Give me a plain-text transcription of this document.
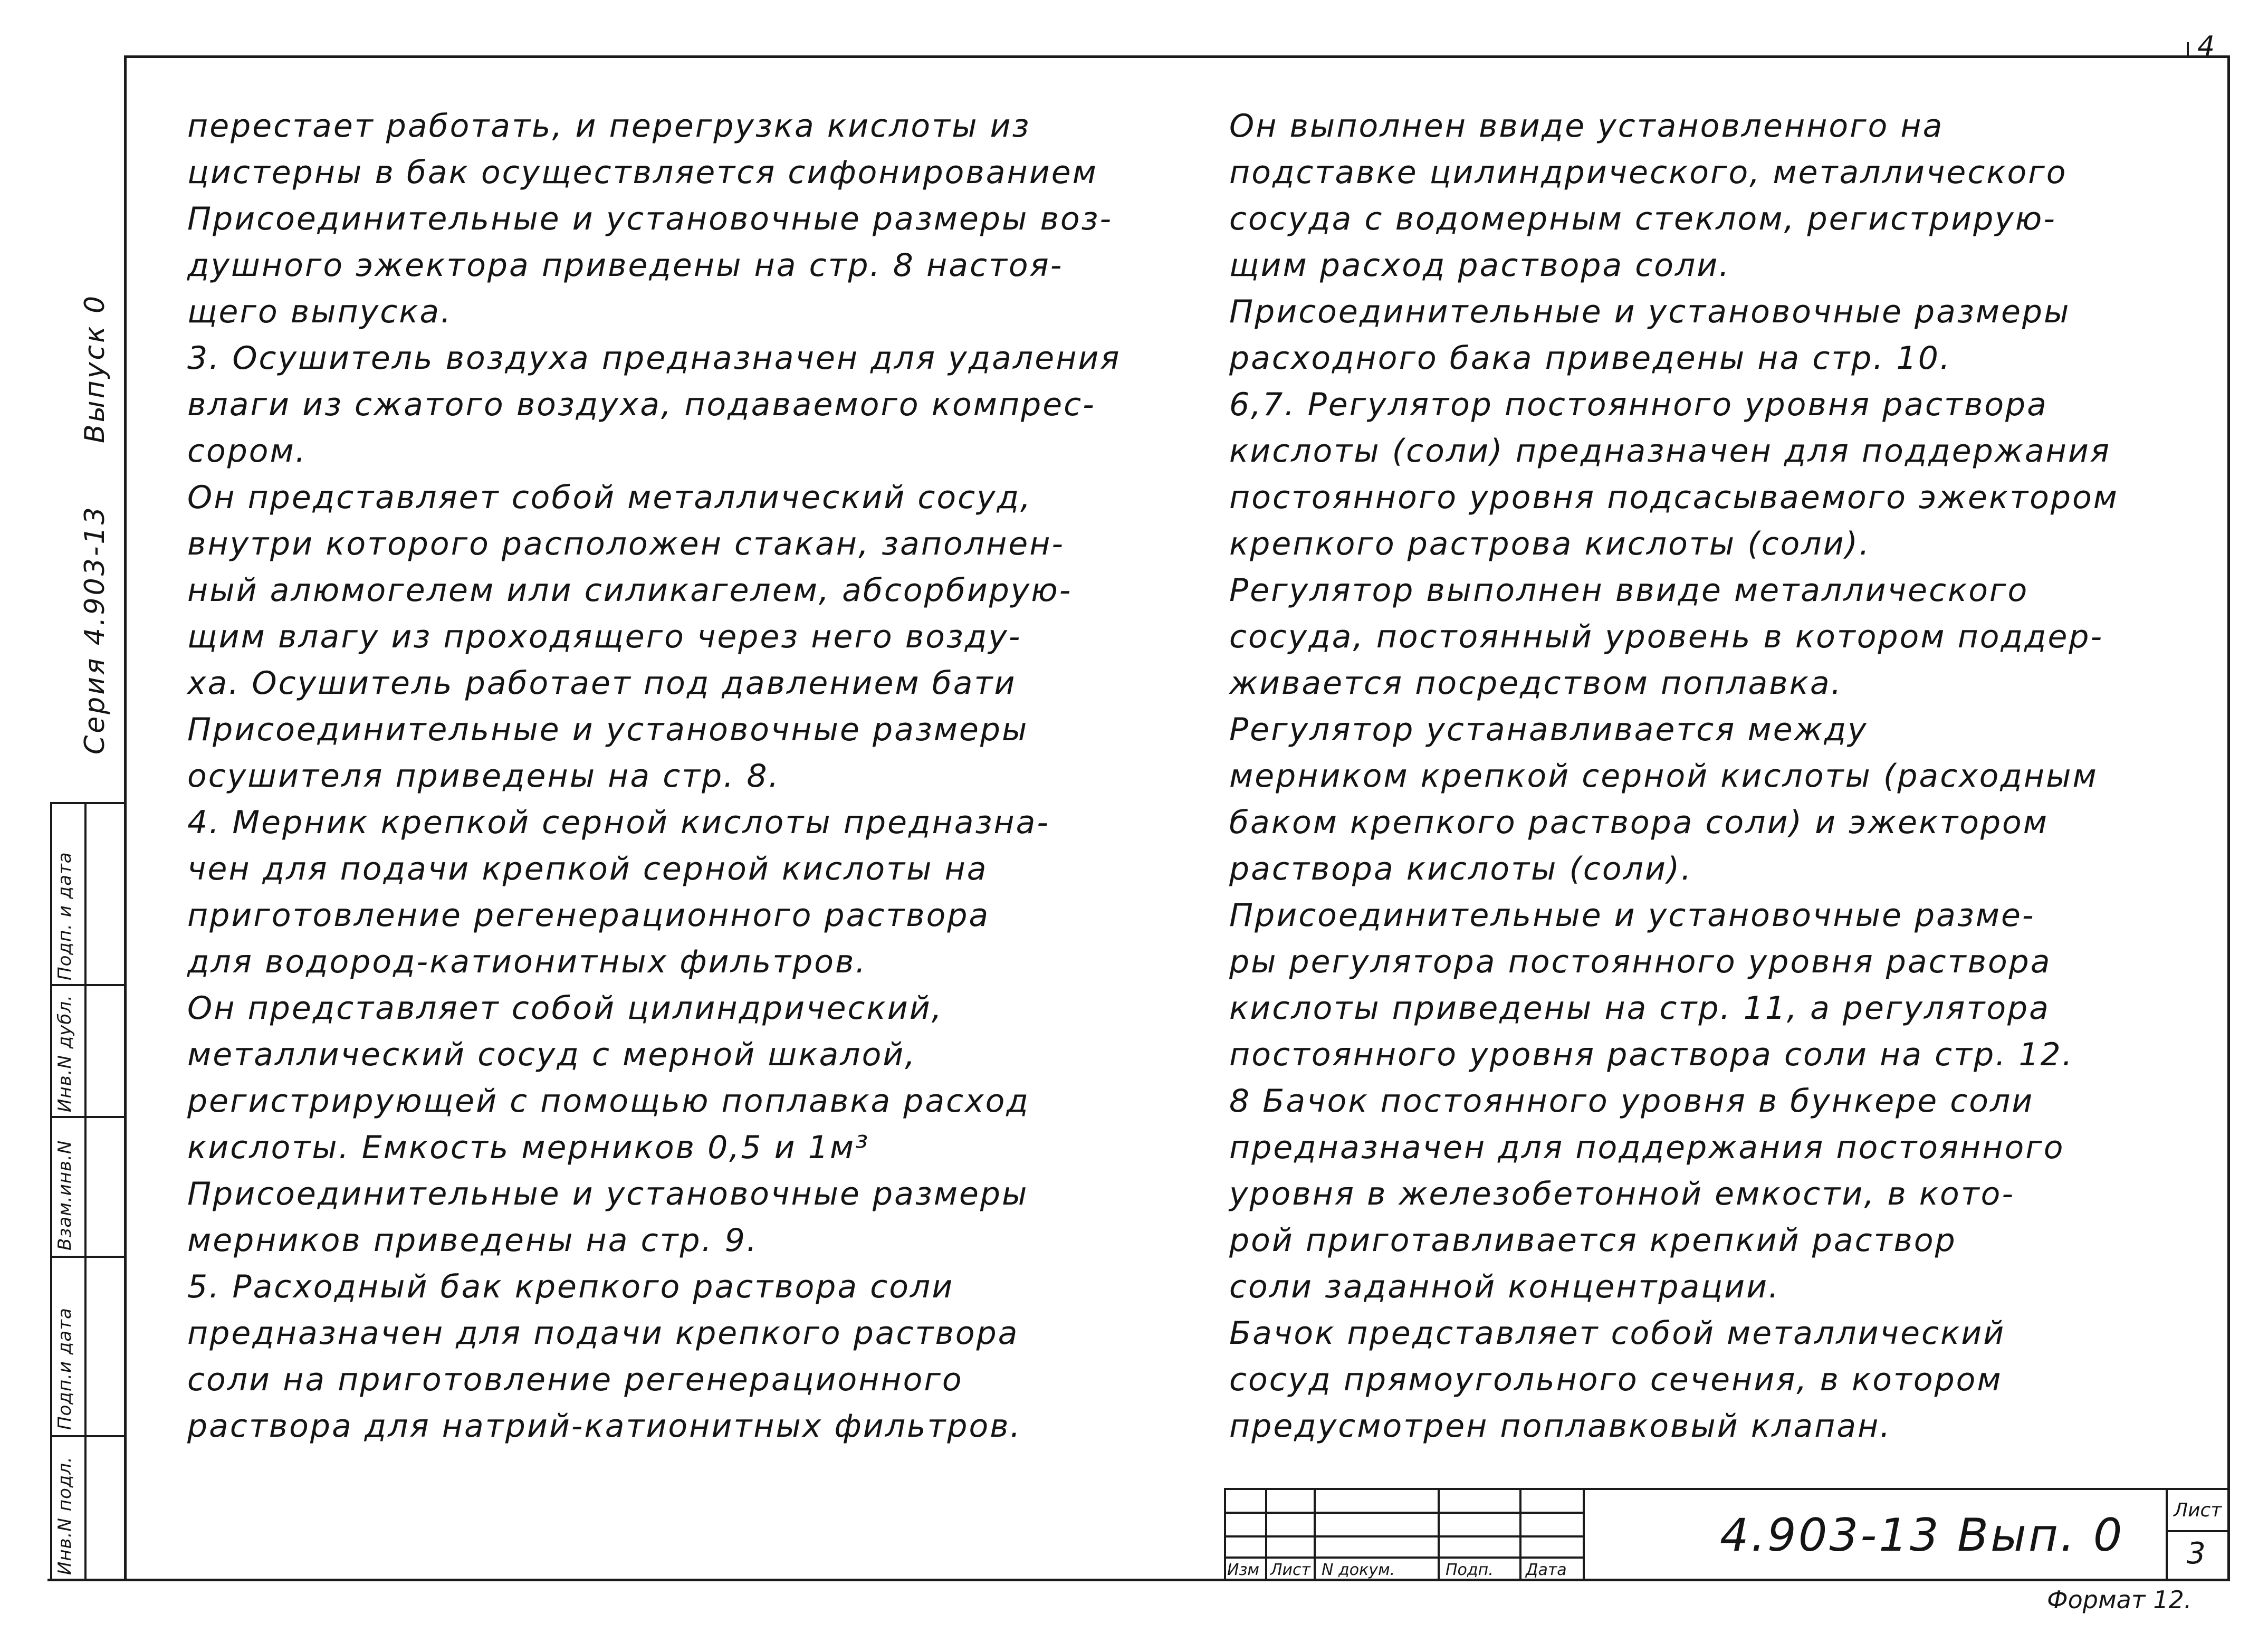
4
Выпуск 0
Серия 4.903-13
Инв.N подл.
Подп.и дата
Взам.инв.N
Инв.N дубл.
Подп. и дата
перестает работать, и перегрузка кислоты из
цистерны в бак осуществляется сифонированием
Присоединительные и установочные размеры воз-
душного эжектора приведены на стр. 8 настоя-
щего выпуска.
3. Осушитель воздуха предназначен для удаления
влаги из сжатого воздуха, подаваемого компрес-
сором.
Он представляет собой металлический сосуд,
внутри которого расположен стакан, заполнен-
ный алюмогелем или силикагелем, абсорбирую-
щим влагу из проходящего через него возду-
ха. Осушитель работает под давлением бати
Присоединительные и установочные размеры
осушителя приведены на стр. 8.
4. Мерник крепкой серной кислоты предназна-
чен для подачи крепкой серной кислоты на
приготовление регенерационного раствора
для водород-катионитных фильтров.
Он представляет собой цилиндрический,
металлический сосуд с мерной шкалой,
регистрирующей с помощью поплавка расход
кислоты. Емкость мерников 0,5 и 1м³
Присоединительные и установочные размеры
мерников приведены на стр. 9.
5. Расходный бак крепкого раствора соли
предназначен для подачи крепкого раствора
соли на приготовление регенерационного
раствора для натрий-катионитных фильтров.
Он выполнен ввиде установленного на
подставке цилиндрического, металлического
сосуда с водомерным стеклом, регистрирую-
щим расход раствора соли.
Присоединительные и установочные размеры
расходного бака приведены на стр. 10.
6,7. Регулятор постоянного уровня раствора
кислоты (соли) предназначен для поддержания
постоянного уровня подсасываемого эжектором
крепкого растрова кислоты (соли).
Регулятор выполнен ввиде металлического
сосуда, постоянный уровень в котором поддер-
живается посредством поплавка.
Регулятор устанавливается между
мерником крепкой серной кислоты (расходным
баком крепкого раствора соли) и эжектором
раствора кислоты (соли).
Присоединительные и установочные разме-
ры регулятора постоянного уровня раствора
кислоты приведены на стр. 11, а регулятора
постоянного уровня раствора соли на стр. 12.
8 Бачок постоянного уровня в бункере соли
предназначен для поддержания постоянного
уровня в железобетонной емкости, в кото-
рой приготавливается крепкий раствор
соли заданной концентрации.
Бачок представляет собой металлический
сосуд прямоугольного сечения, в котором
предусмотрен поплавковый клапан.
Изм Лист N докум.	Подп. Дата
4.903-13 Вып. 0	Лист
3
Формат 12.
